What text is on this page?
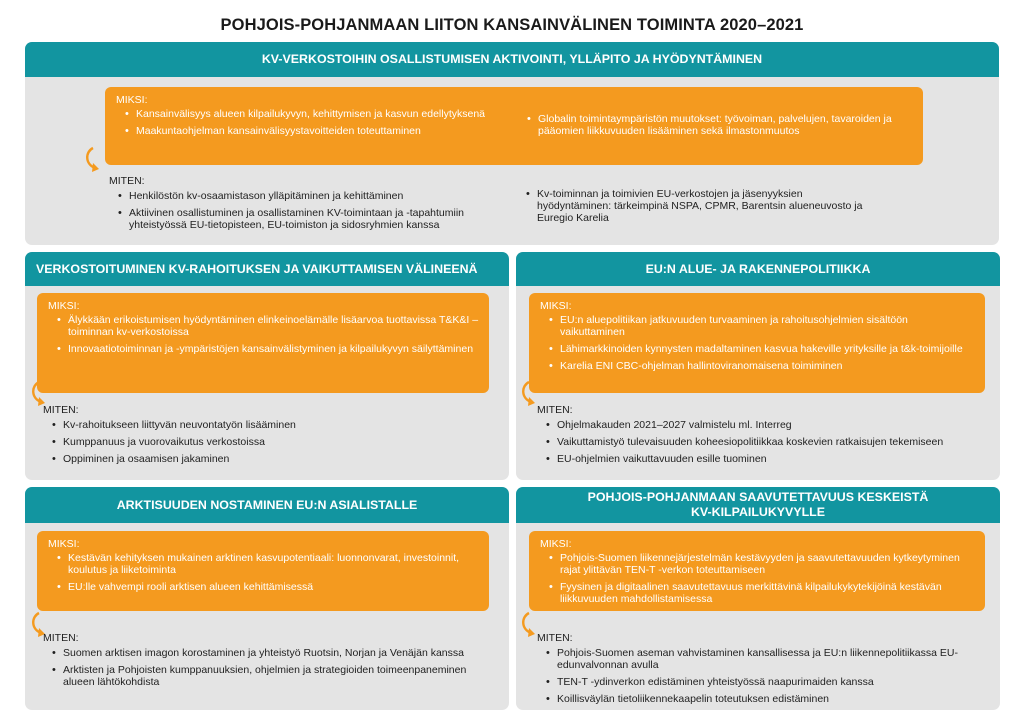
POHJOIS-POHJANMAAN LIITON KANSAINVÄLINEN TOIMINTA 2020–2021
KV-VERKOSTOIHIN OSALLISTUMISEN AKTIVOINTI, YLLÄPITO JA HYÖDYNTÄMINEN
MIKSI:
• Kansainvälisyys alueen kilpailukyvyn, kehittymisen ja kasvun edellytyksenä
• Maakuntaohjelman kansainvälisyystavoitteiden toteuttaminen
• Globalin toimintaympäristön muutokset: työvoiman, palvelujen, tavaroiden ja pääomien liikkuvuuden lisääminen sekä ilmastonmuutos
MITEN:
• Henkilöstön kv-osaamistason ylläpitäminen ja kehittäminen
• Aktiivinen osallistuminen ja osallistaminen KV-toimintaan ja -tapahtumiin yhteistyössä EU-tietopisteen, EU-toimiston ja sidosryhmien kanssa
• Kv-toiminnan ja toimivien EU-verkostojen ja jäsenyyksien hyödyntäminen: tärkeimpinä NSPA, CPMR, Barentsin alueneuvosto ja Euregio Karelia
VERKOSTOITUMINEN KV-RAHOITUKSEN JA VAIKUTTAMISEN VÄLINEENÄ
MIKSI:
• Älykkään erikoistumisen hyödyntäminen elinkeinoelämälle lisäarvoa tuottavissa T&K&I –toiminnan kv-verkostoissa
• Innovaatiotoiminnan ja -ympäristöjen kansainvälistyminen ja kilpailukyvyn säilyttäminen
MITEN:
• Kv-rahoitukseen liittyvän neuvontatyön lisääminen
• Kumppanuus ja vuorovaikutus verkostoissa
• Oppiminen ja osaamisen jakaminen
EU:N ALUE- JA RAKENNEPOLITIIKKA
MIKSI:
• EU:n aluepolitiikan jatkuvuuden turvaaminen ja rahoitusohjelmien sisältöön vaikuttaminen
• Lähimarkkinoiden kynnysten madaltaminen kasvua hakeville yrityksille ja t&k-toimijoille
• Karelia ENI CBC-ohjelman hallintoviranomaisena toimiminen
MITEN:
• Ohjelmakauden 2021–2027 valmistelu ml. Interreg
• Vaikuttamistyö tulevaisuuden koheesiopolitiikkaa koskevien ratkaisujen tekemiseen
• EU-ohjelmien vaikuttavuuden esille tuominen
ARKTISUUDEN NOSTAMINEN EU:N ASIALISTALLE
MIKSI:
• Kestävän kehityksen mukainen arktinen kasvupotentiaali: luonnonvarat, investoinnit, koulutus ja liiketoiminta
• EU:lle vahvempi rooli arktisen alueen kehittämisessä
MITEN:
• Suomen arktisen imagon korostaminen ja yhteistyö Ruotsin, Norjan ja Venäjän kanssa
• Arktisten ja Pohjoisten kumppanuuksien, ohjelmien ja strategioiden toimeenpaneminen alueen lähtökohdista
POHJOIS-POHJANMAAN SAAVUTETTAVUUS KESKEISTÄ
KV-KILPAILUKYVYLLE
MIKSI:
• Pohjois-Suomen liikennejärjestelmän kestävyyden ja saavutettavuuden kytkeytyminen rajat ylittävän TEN-T -verkon toteuttamiseen
• Fyysinen ja digitaalinen saavutettavuus merkittävinä kilpailukykytekijöinä kestävän liikkuvuuden mahdollistamisessa
MITEN:
• Pohjois-Suomen aseman vahvistaminen kansallisessa ja EU:n liikennepolitiikassa EU-edunvalvonnan avulla
• TEN-T -ydinverkon edistäminen yhteistyössä naapurimaiden kanssa
• Koillisväylän tietoliikennekaapelin toteutuksen edistäminen
